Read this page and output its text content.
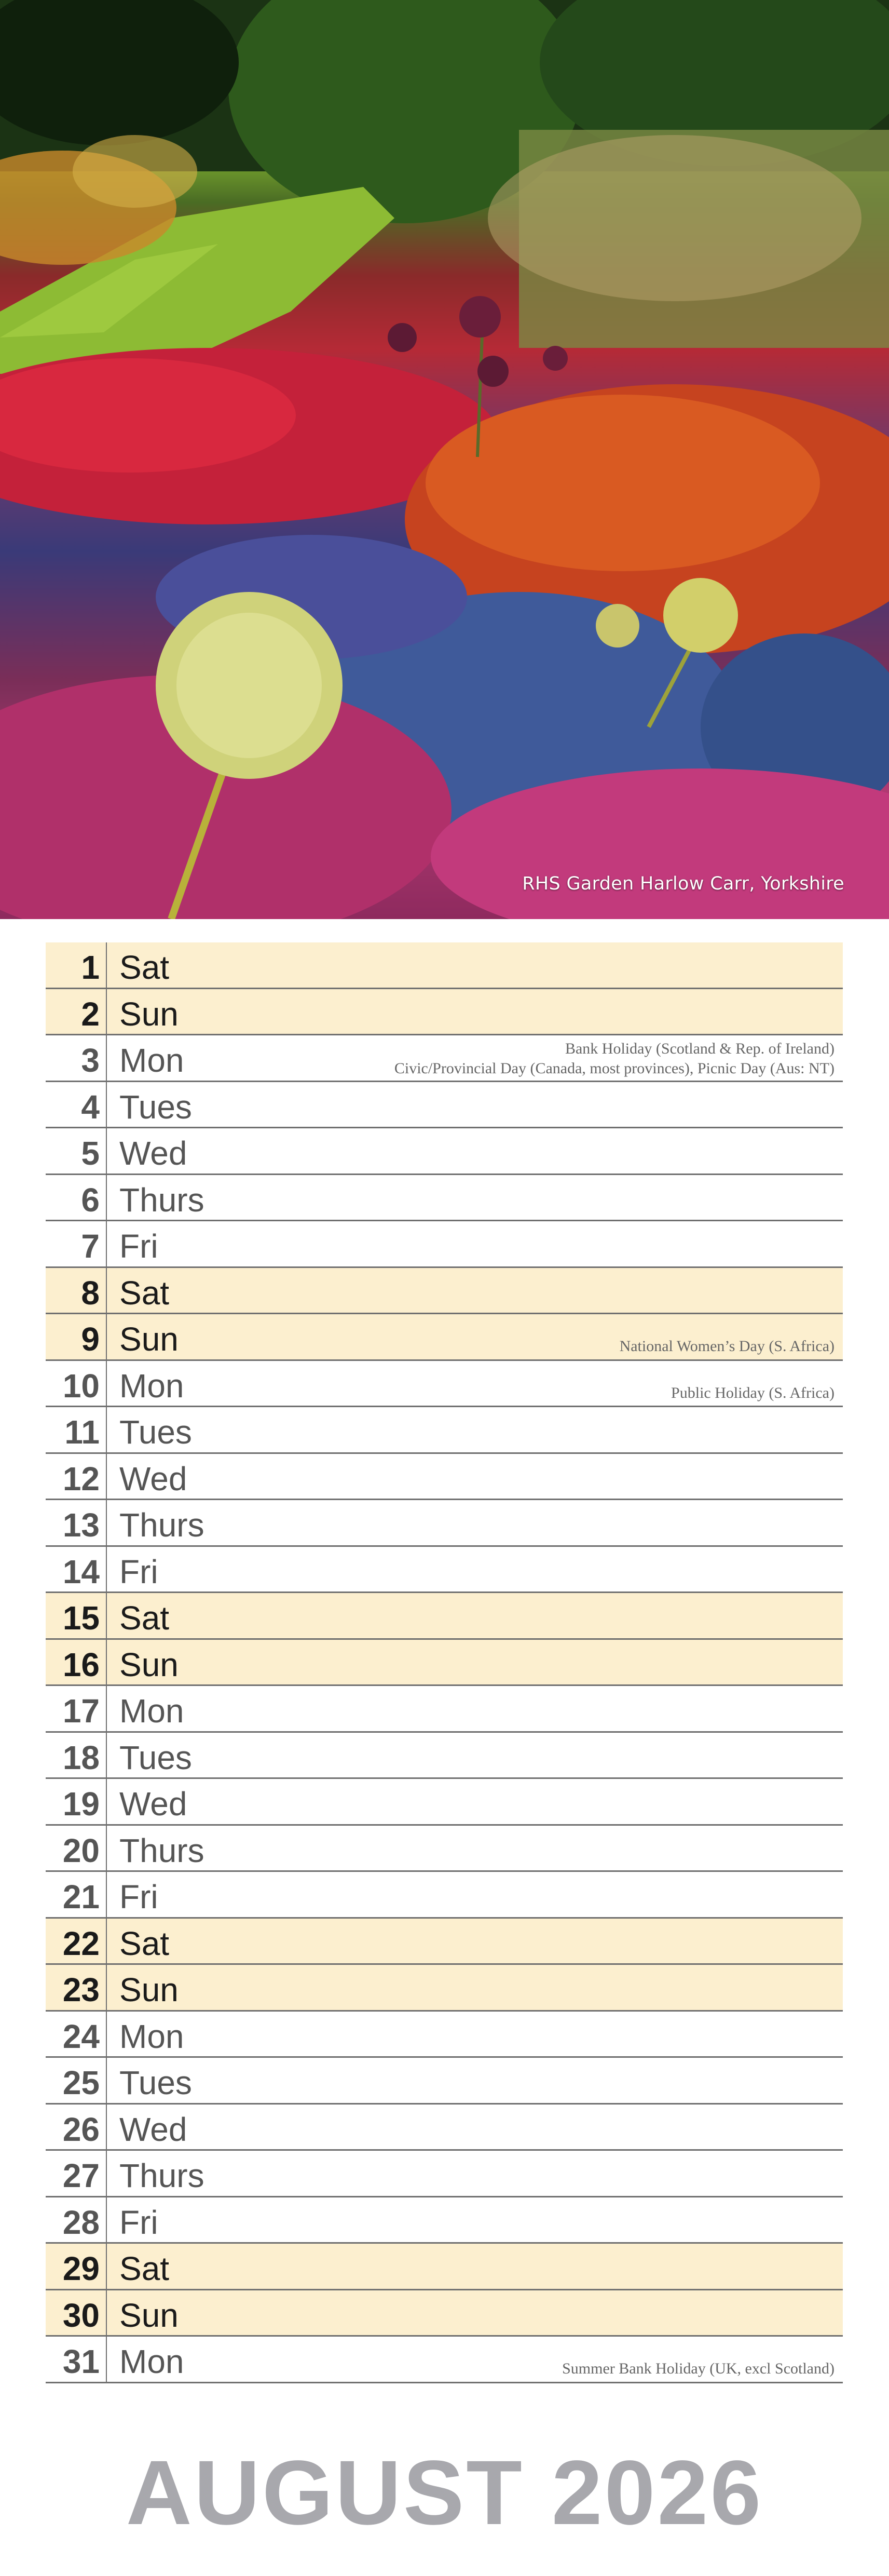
RHS Garden Harlow Carr, Yorkshire
1 Sat
2 Sun
3 Mon	Bank Holiday (Scotland & Rep. of Ireland)
Civic/Provincial Day (Canada, most provinces), Picnic Day (Aus: NT)
4 Tues
5 Wed
6 Thurs
7 Fri
8 Sat
9 Sun	National Women’s Day (S. Africa)
10 Mon	Public Holiday (S. Africa)
11 Tues
12 Wed
13 Thurs
14 Fri
15 Sat
16 Sun
17 Mon
18 Tues
19 Wed
20 Thurs
21 Fri
22 Sat
23 Sun
24 Mon
25 Tues
26 Wed
27 Thurs
28 Fri
29 Sat
30 Sun
31 Mon	Summer Bank Holiday (UK, excl Scotland)
AUGUST 2026
